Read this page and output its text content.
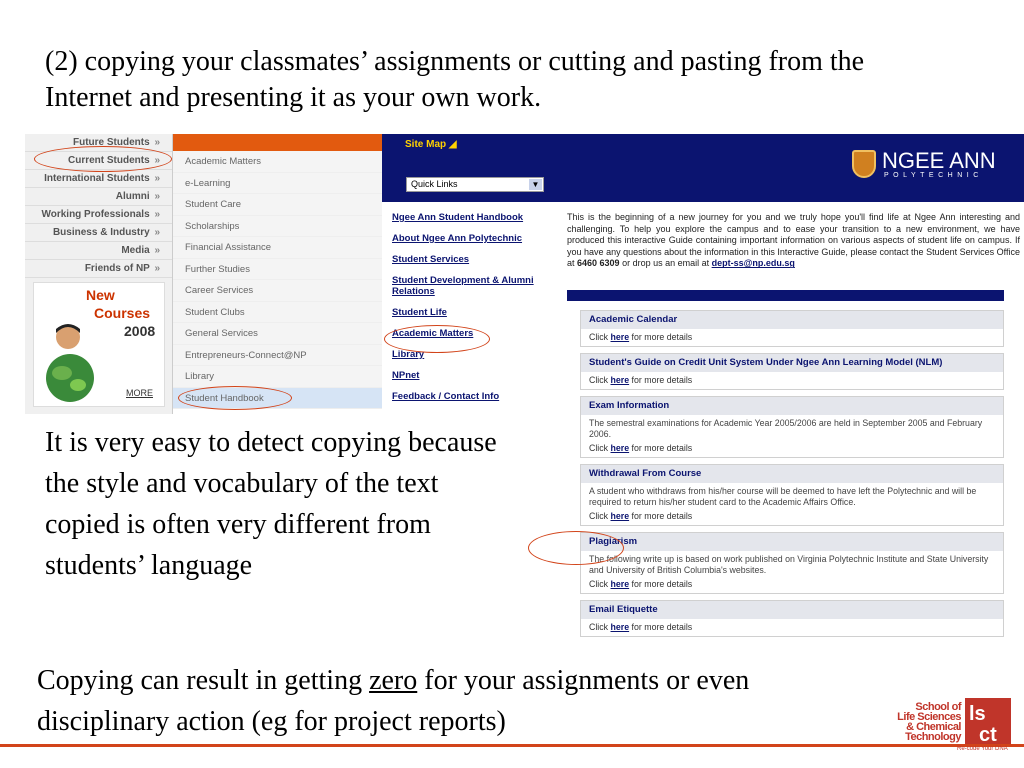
(2) copying your classmates’ assignments or cutting and pasting from the Internet and presenting it as your own work.
Future Students »
Current Students »
International Students »
Alumni »
Working Professionals »
Business & Industry »
Media »
Friends of NP »
New
Courses
2008
MORE
Academic Matters
e-Learning
Student Care
Scholarships
Financial Assistance
Further Studies
Career Services
Student Clubs
General Services
Entrepreneurs-Connect@NP
Library
Student Handbook
Site Map ◢
Quick Links	▼
NGEE ANN
POLYTECHNIC
Ngee Ann Student Handbook
About Ngee Ann Polytechnic
Student Services
Student Development & Alumni Relations
Student Life
Academic Matters
Library
NPnet
Feedback / Contact Info
This is the beginning of a new journey for you and we truly hope you'll find life at Ngee Ann interesting and challenging. To help you explore the campus and to ease your transition to a new environment, we have produced this interactive Guide containing important information on various aspects of student life on campus. If you have any questions about the information in this Interactive Guide, please contact the Student Services Office at 6460 6309 or drop us an email at dept-ss@np.edu.sg
Academic Calendar
Click here for more details
Student's Guide on Credit Unit System Under Ngee Ann Learning Model (NLM)
Click here for more details
Exam Information
The semestral examinations for Academic Year 2005/2006 are held in September 2005 and February 2006.
Click here for more details
Withdrawal From Course
A student who withdraws from his/her course will be deemed to have left the Polytechnic and will be required to return his/her student card to the Academic Affairs Office.
Click here for more details
Plagiarism
The following write up is based on work published on Virginia Polytechnic Institute and State University and University of British Columbia's websites.
Click here for more details
Email Etiquette
Click here for more details
It is very easy to detect copying because the style and vocabulary of the text copied is often very different from students’ language
Copying can result in getting zero for your assignments or even disciplinary action (eg for project reports)	School of
Life Sciences
& Chemical
Technology
ls
ct
Re-code Your DNA
